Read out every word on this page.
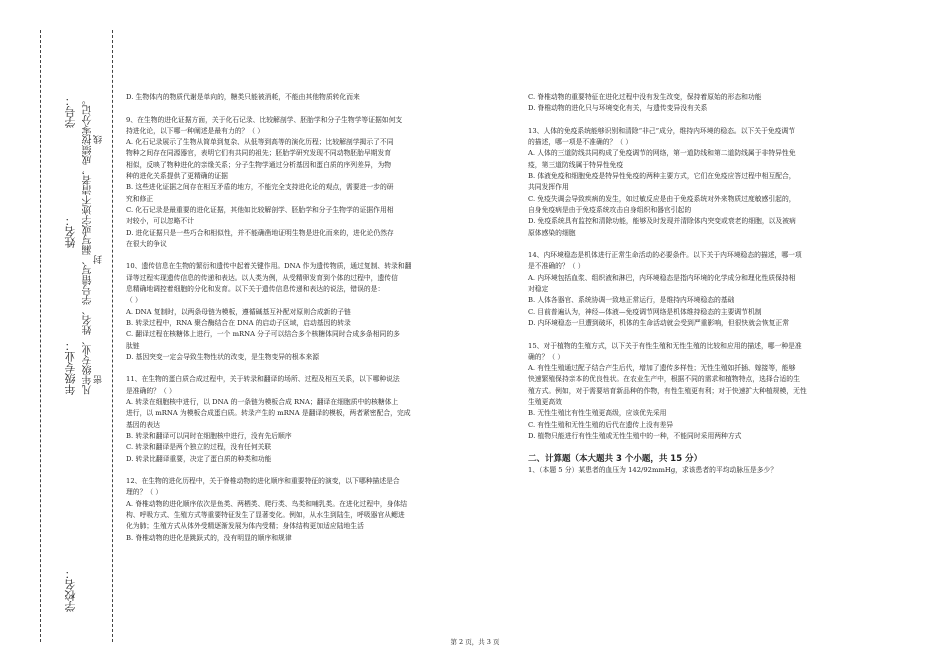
学校名：
学号：
姓名：
年级专业： 凡年级专业、姓名、学号错写、漏写或字迹不清者，成绩按零分记。 密
封
线

D. 生物体内的物质代谢是单向的，糖类只能被消耗，不能由其他物质转化而来

9、在生物的进化证据方面，关于化石记录、比较解剖学、胚胎学和分子生物学等证据如何支

持进化论，以下哪一种阐述是最有力的？（ ）

A. 化石记录展示了生物从简单到复杂、从低等到高等的演化历程；比较解剖学揭示了不同

物种之间存在同源器官，表明它们有共同的祖先；胚胎学研究发现不同动物胚胎早期发育

相似，反映了物种进化的亲缘关系；分子生物学通过分析基因和蛋白质的序列差异，为物

种的进化关系提供了更精确的证据

B. 这些进化证据之间存在相互矛盾的地方，不能完全支持进化论的观点，需要进一步的研

究和修正

C. 化石记录是最重要的进化证据，其他如比较解剖学、胚胎学和分子生物学的证据作用相

对较小，可以忽略不计

D. 进化证据只是一些巧合和相似性，并不能确凿地证明生物是进化而来的，进化论仍然存

在很大的争议

10、遗传信息在生物的繁衍和遗传中起着关键作用。DNA 作为遗传物质，通过复制、转录和翻

译等过程实现遗传信息的传递和表达。以人类为例，从受精卵发育到个体的过程中，遗传信

息精确地调控着细胞的分化和发育。以下关于遗传信息传递和表达的说法，错误的是：

（ ）

A. DNA 复制时，以两条母链为模板，遵循碱基互补配对原则合成新的子链

B. 转录过程中，RNA 聚合酶结合在 DNA 的启动子区域，启动基因的转录

C. 翻译过程在核糖体上进行，一个 mRNA 分子可以结合多个核糖体同时合成多条相同的多

肽链

D. 基因突变一定会导致生物性状的改变，是生物变异的根本来源

11、在生物的蛋白质合成过程中，关于转录和翻译的场所、过程及相互关系，以下哪种说法

是准确的？（ ）

A. 转录在细胞核中进行，以 DNA 的一条链为模板合成 RNA；翻译在细胞质中的核糖体上

进行，以 mRNA 为模板合成蛋白质。转录产生的 mRNA 是翻译的模板，两者紧密配合，完成

基因的表达

B. 转录和翻译可以同时在细胞核中进行，没有先后顺序

C. 转录和翻译是两个独立的过程，没有任何关联

D. 转录比翻译重要，决定了蛋白质的种类和功能

12、在生物的进化历程中，关于脊椎动物的进化顺序和重要特征的演变，以下哪种描述是合

理的？（ ）

A. 脊椎动物的进化顺序依次是鱼类、两栖类、爬行类、鸟类和哺乳类。在进化过程中，身体结

构、呼吸方式、生殖方式等重要特征发生了显著变化。例如，从水生到陆生，呼吸器官从鳃进

化为肺；生殖方式从体外受精逐渐发展为体内受精；身体结构更加适应陆地生活

B. 脊椎动物的进化是跳跃式的，没有明显的顺序和规律

C. 脊椎动物的重要特征在进化过程中没有发生改变，保持着原始的形态和功能

D. 脊椎动物的进化只与环境变化有关，与遗传变异没有关系

13、人体的免疫系统能够识别和清除“非己”成分，维持内环境的稳态。以下关于免疫调节

的描述，哪一项是不准确的？（ ）

A. 人体的三道防线共同构成了免疫调节的网络，第一道防线和第二道防线属于非特异性免

疫，第三道防线属于特异性免疫

B. 体液免疫和细胞免疫是特异性免疫的两种主要方式，它们在免疫应答过程中相互配合，

共同发挥作用

C. 免疫失调会导致疾病的发生，如过敏反应是由于免疫系统对外来物质过度敏感引起的，

自身免疫病是由于免疫系统攻击自身组织和器官引起的

D. 免疫系统具有监控和清除功能，能够及时发现并清除体内突变或衰老的细胞，以及被病

原体感染的细胞

14、内环境稳态是机体进行正常生命活动的必要条件。以下关于内环境稳态的描述，哪一项

是不准确的？（ ）

A. 内环境包括血浆、组织液和淋巴，内环境稳态是指内环境的化学成分和理化性质保持相

对稳定

B. 人体各器官、系统协调一致地正常运行，是维持内环境稳态的基础

C. 目前普遍认为，神经—体液—免疫调节网络是机体维持稳态的主要调节机制

D. 内环境稳态一旦遭到破坏，机体的生命活动就会受到严重影响，但很快就会恢复正常

15、对于植物的生殖方式，以下关于有性生殖和无性生殖的比较和应用的描述，哪一种是准

确的？（ ）

A. 有性生殖通过配子结合产生后代，增加了遗传多样性；无性生殖如扦插、嫁接等，能够

快速繁殖保持亲本的优良性状。在农业生产中，根据不同的需求和植物特点，选择合适的生

殖方式。例如，对于需要培育新品种的作物，有性生殖更有利；对于快速扩大种植规模，无性

生殖更高效

B. 无性生殖比有性生殖更高级，应该优先采用

C. 有性生殖和无性生殖的后代在遗传上没有差异

D. 植物只能进行有性生殖或无性生殖中的一种，不能同时采用两种方式

二、计算题（本大题共 3 个小题，共 15 分）

1、（本题 5 分）某患者的血压为 142/92mmHg，求该患者的平均动脉压是多少？

第 2 页，共 3 页
